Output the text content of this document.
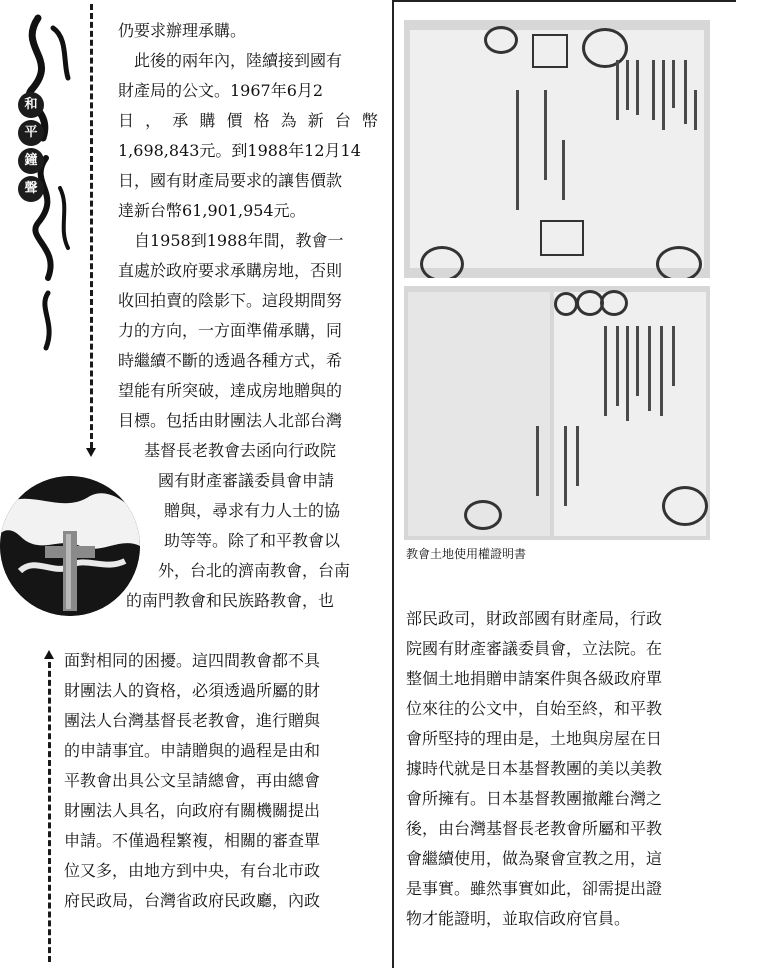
和
平
鐘
聲
仍要求辦理承購。
　此後的兩年內，陸續接到國有
財產局的公文。1967年6月2
日，承購價格為新台幣
1,698,843元。到1988年12月14
日，國有財產局要求的讓售價款
達新台幣61,901,954元。
　自1958到1988年間，教會一
直處於政府要求承購房地，否則
收回拍賣的陰影下。這段期間努
力的方向，一方面準備承購，同
時繼續不斷的透過各種方式，希
望能有所突破，達成房地贈與的
目標。包括由財團法人北部台灣
基督長老教會去函向行政院
國有財產審議委員會申請
贈與，尋求有力人士的協
助等等。除了和平教會以
外，台北的濟南教會，台南
的南門教會和民族路教會，也
面對相同的困擾。這四間教會都不具
財團法人的資格，必須透過所屬的財
團法人台灣基督長老教會，進行贈與
的申請事宜。申請贈與的過程是由和
平教會出具公文呈請總會，再由總會
財團法人具名，向政府有關機關提出
申請。不僅過程繁複，相關的審查單
位又多，由地方到中央，有台北市政
府民政局，台灣省政府民政廳，內政
教會土地使用權證明書
部民政司，財政部國有財產局，行政
院國有財產審議委員會，立法院。在
整個土地捐贈申請案件與各級政府單
位來往的公文中，自始至終，和平教
會所堅持的理由是，土地與房屋在日
據時代就是日本基督教團的美以美教
會所擁有。日本基督教團撤離台灣之
後，由台灣基督長老教會所屬和平教
會繼續使用，做為聚會宣教之用，這
是事實。雖然事實如此，卻需提出證
物才能證明，並取信政府官員。
